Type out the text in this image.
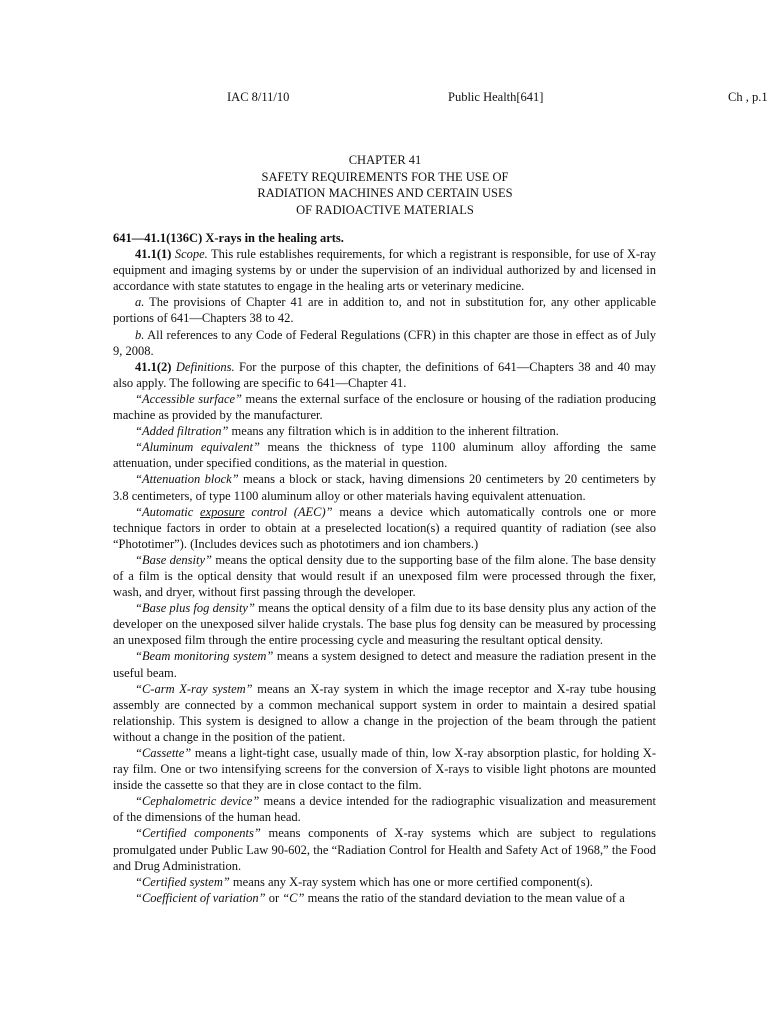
IAC 8/11/10	Public Health[641]	Ch , p.1
CHAPTER 41
SAFETY REQUIREMENTS FOR THE USE OF
RADIATION MACHINES AND CERTAIN USES
OF RADIOACTIVE MATERIALS

641—41.1(136C) X-rays in the healing arts.

41.1(1) Scope. This rule establishes requirements, for which a registrant is responsible, for use of X-ray equipment and imaging systems by or under the supervision of an individual authorized by and licensed in accordance with state statutes to engage in the healing arts or veterinary medicine.

a. The provisions of Chapter 41 are in addition to, and not in substitution for, any other applicable portions of 641—Chapters 38 to 42.

b. All references to any Code of Federal Regulations (CFR) in this chapter are those in effect as of July 9, 2008.

41.1(2) Definitions. For the purpose of this chapter, the definitions of 641—Chapters 38 and 40 may also apply. The following are specific to 641—Chapter 41.

“Accessible surface” means the external surface of the enclosure or housing of the radiation producing machine as provided by the manufacturer.

“Added filtration” means any filtration which is in addition to the inherent filtration.

“Aluminum equivalent” means the thickness of type 1100 aluminum alloy affording the same attenuation, under specified conditions, as the material in question.

“Attenuation block” means a block or stack, having dimensions 20 centimeters by 20 centimeters by 3.8 centimeters, of type 1100 aluminum alloy or other materials having equivalent attenuation.

“Automatic exposure control (AEC)” means a device which automatically controls one or more technique factors in order to obtain at a preselected location(s) a required quantity of radiation (see also “Phototimer”). (Includes devices such as phototimers and ion chambers.)

“Base density” means the optical density due to the supporting base of the film alone. The base density of a film is the optical density that would result if an unexposed film were processed through the fixer, wash, and dryer, without first passing through the developer.

“Base plus fog density” means the optical density of a film due to its base density plus any action of the developer on the unexposed silver halide crystals. The base plus fog density can be measured by processing an unexposed film through the entire processing cycle and measuring the resultant optical density.

“Beam monitoring system” means a system designed to detect and measure the radiation present in the useful beam.

“C-arm X-ray system” means an X-ray system in which the image receptor and X-ray tube housing assembly are connected by a common mechanical support system in order to maintain a desired spatial relationship. This system is designed to allow a change in the projection of the beam through the patient without a change in the position of the patient.

“Cassette” means a light-tight case, usually made of thin, low X-ray absorption plastic, for holding X-ray film. One or two intensifying screens for the conversion of X-rays to visible light photons are mounted inside the cassette so that they are in close contact to the film.

“Cephalometric device” means a device intended for the radiographic visualization and measurement of the dimensions of the human head.

“Certified components” means components of X-ray systems which are subject to regulations promulgated under Public Law 90-602, the “Radiation Control for Health and Safety Act of 1968,” the Food and Drug Administration.

“Certified system” means any X-ray system which has one or more certified component(s).

“Coefficient of variation” or “C” means the ratio of the standard deviation to the mean value of a
